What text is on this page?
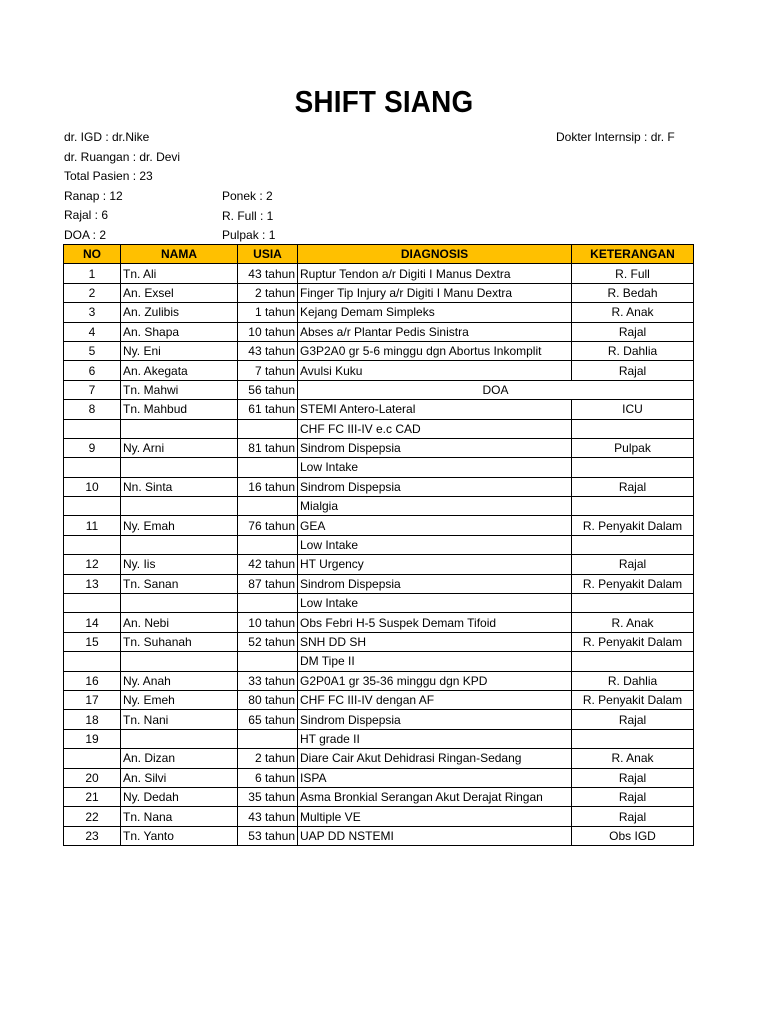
SHIFT SIANG
dr. IGD : dr.Nike
dr. Ruangan : dr. Devi
Total Pasien : 23
Ranap : 12
Rajal : 6
DOA : 2
Ponek : 2
R. Full : 1
Pulpak : 1
Dokter Internsip : dr. F
NO	NAMA	USIA	DIAGNOSIS	KETERANGAN
1	Tn. Ali	43 tahun	Ruptur Tendon a/r Digiti I Manus Dextra	R. Full
2	An. Exsel	2 tahun	Finger Tip Injury a/r Digiti I Manu Dextra	R. Bedah
3	An. Zulibis	1 tahun	Kejang Demam Simpleks	R. Anak
4	An. Shapa	10 tahun	Abses a/r Plantar Pedis Sinistra	Rajal
5	Ny. Eni	43 tahun	G3P2A0 gr 5-6 minggu dgn Abortus Inkomplit	R. Dahlia
6	An. Akegata	7 tahun	Avulsi Kuku	Rajal
7	Tn. Mahwi	56 tahun	DOA	
8	Tn. Mahbud	61 tahun	STEMI Antero-Lateral	ICU
			CHF FC III-IV e.c CAD	
9	Ny. Arni	81 tahun	Sindrom Dispepsia	Pulpak
			Low Intake	
10	Nn. Sinta	16 tahun	Sindrom Dispepsia	Rajal
			Mialgia	
11	Ny. Emah	76 tahun	GEA	R. Penyakit Dalam
			Low Intake	
12	Ny. Iis	42 tahun	HT Urgency	Rajal
13	Tn. Sanan	87 tahun	Sindrom Dispepsia	R. Penyakit Dalam
			Low Intake	
14	An. Nebi	10 tahun	Obs Febri H-5 Suspek Demam Tifoid	R. Anak
15	Tn. Suhanah	52 tahun	SNH DD SH	R. Penyakit Dalam
			DM Tipe II	
16	Ny. Anah	33 tahun	G2P0A1 gr 35-36 minggu dgn KPD	R. Dahlia
17	Ny. Emeh	80 tahun	CHF FC III-IV dengan AF	R. Penyakit Dalam
18	Tn. Nani	65 tahun	Sindrom Dispepsia	Rajal
19			HT grade II	
	An. Dizan	2 tahun	Diare Cair Akut Dehidrasi Ringan-Sedang	R. Anak
20	An. Silvi	6 tahun	ISPA	Rajal
21	Ny. Dedah	35 tahun	Asma Bronkial Serangan Akut Derajat Ringan	Rajal
22	Tn. Nana	43 tahun	Multiple VE	Rajal
23	Tn. Yanto	53 tahun	UAP DD NSTEMI	Obs IGD
